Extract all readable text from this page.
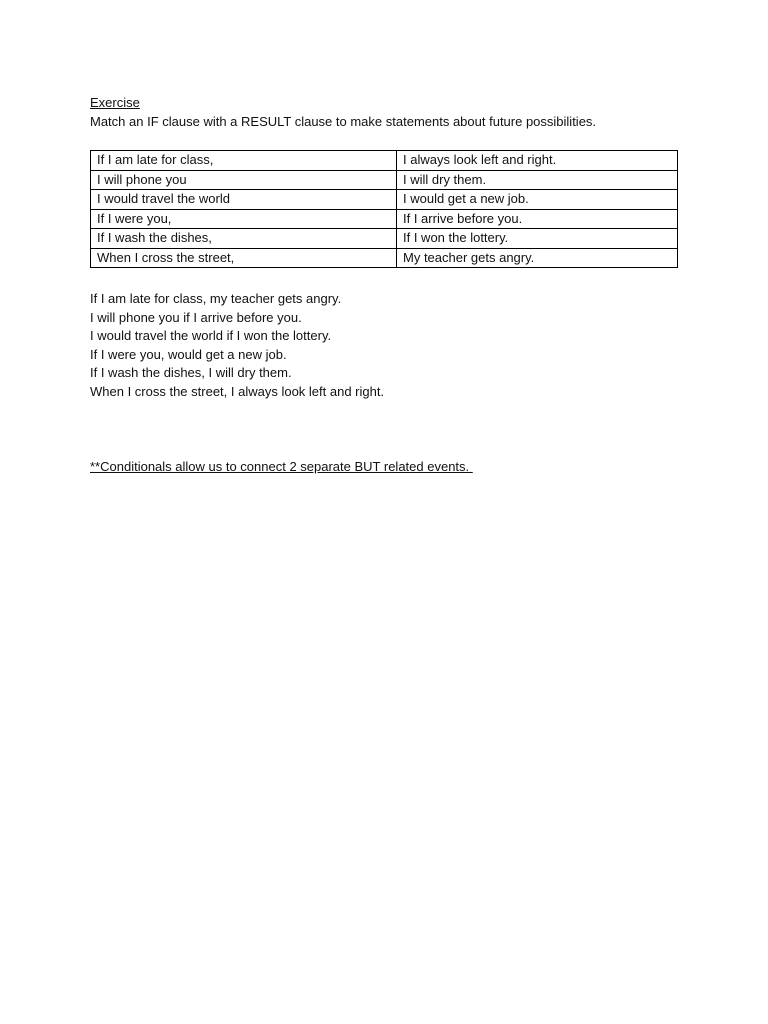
Exercise
Match an IF clause with a RESULT clause to make statements about future possibilities.
If I am late for class,	I always look left and right.
I will phone you	I will dry them.
I would travel the world	I would get a new job.
If I were you,	If I arrive before you.
If I wash the dishes,	If I won the lottery.
When I cross the street,	My teacher gets angry.
If I am late for class, my teacher gets angry.
I will phone you if I arrive before you.
I would travel the world if I won the lottery.
If I were you, would get a new job.
If I wash the dishes, I will dry them.
When I cross the street, I always look left and right.
**Conditionals allow us to connect 2 separate BUT related events.
